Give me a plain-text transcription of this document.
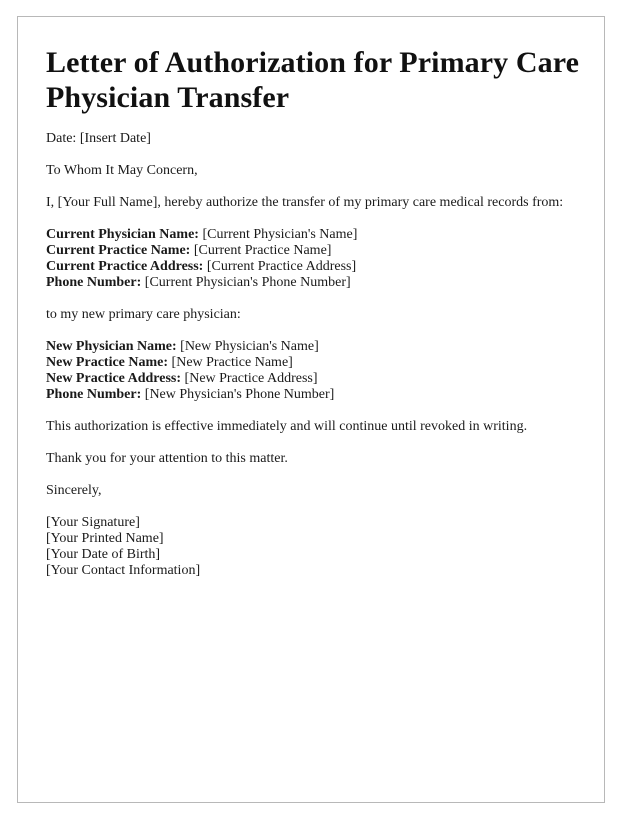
Letter of Authorization for Primary Care Physician Transfer

Date: [Insert Date]

To Whom It May Concern,

I, [Your Full Name], hereby authorize the transfer of my primary care medical records from:

Current Physician Name: [Current Physician's Name]
Current Practice Name: [Current Practice Name]
Current Practice Address: [Current Practice Address]
Phone Number: [Current Physician's Phone Number]

to my new primary care physician:

New Physician Name: [New Physician's Name]
New Practice Name: [New Practice Name]
New Practice Address: [New Practice Address]
Phone Number: [New Physician's Phone Number]

This authorization is effective immediately and will continue until revoked in writing.

Thank you for your attention to this matter.

Sincerely,

[Your Signature]
[Your Printed Name]
[Your Date of Birth]
[Your Contact Information]
